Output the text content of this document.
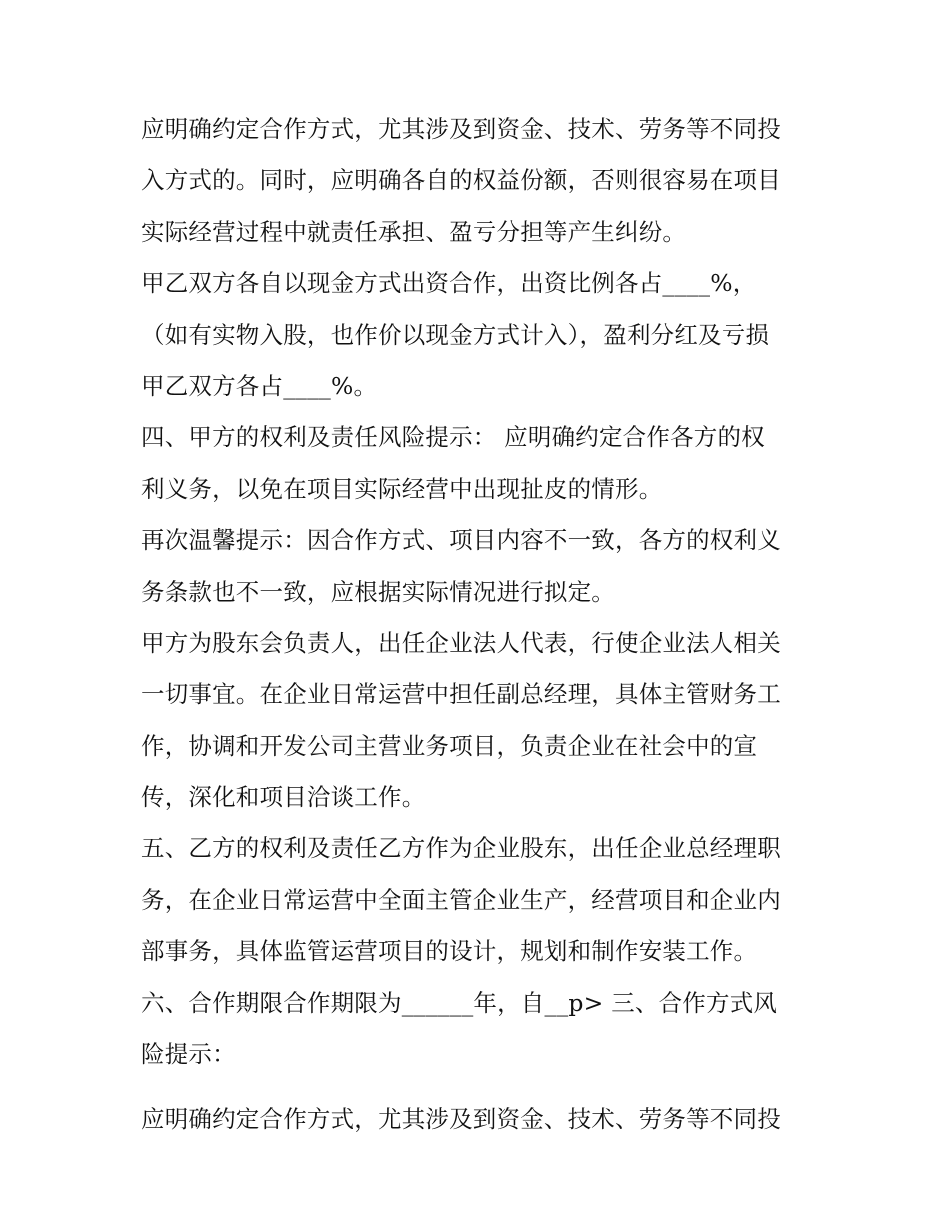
应明确约定合作方式，尤其涉及到资金、技术、劳务等不同投
入方式的。同时，应明确各自的权益份额，否则很容易在项目
实际经营过程中就责任承担、盈亏分担等产生纠纷。
甲乙双方各自以现金方式出资合作，出资比例各占____%，
（如有实物入股，也作价以现金方式计入），盈利分红及亏损
甲乙双方各占____%。
四、甲方的权利及责任风险提示： 应明确约定合作各方的权
利义务，以免在项目实际经营中出现扯皮的情形。
再次温馨提示：因合作方式、项目内容不一致，各方的权利义
务条款也不一致，应根据实际情况进行拟定。
甲方为股东会负责人，出任企业法人代表，行使企业法人相关
一切事宜。在企业日常运营中担任副总经理，具体主管财务工
作，协调和开发公司主营业务项目，负责企业在社会中的宣
传，深化和项目洽谈工作。
五、乙方的权利及责任乙方作为企业股东，出任企业总经理职
务，在企业日常运营中全面主管企业生产，经营项目和企业内
部事务，具体监管运营项目的设计，规划和制作安装工作。
六、合作期限合作期限为______年，自__p> 三、合作方式风
险提示：
应明确约定合作方式，尤其涉及到资金、技术、劳务等不同投
